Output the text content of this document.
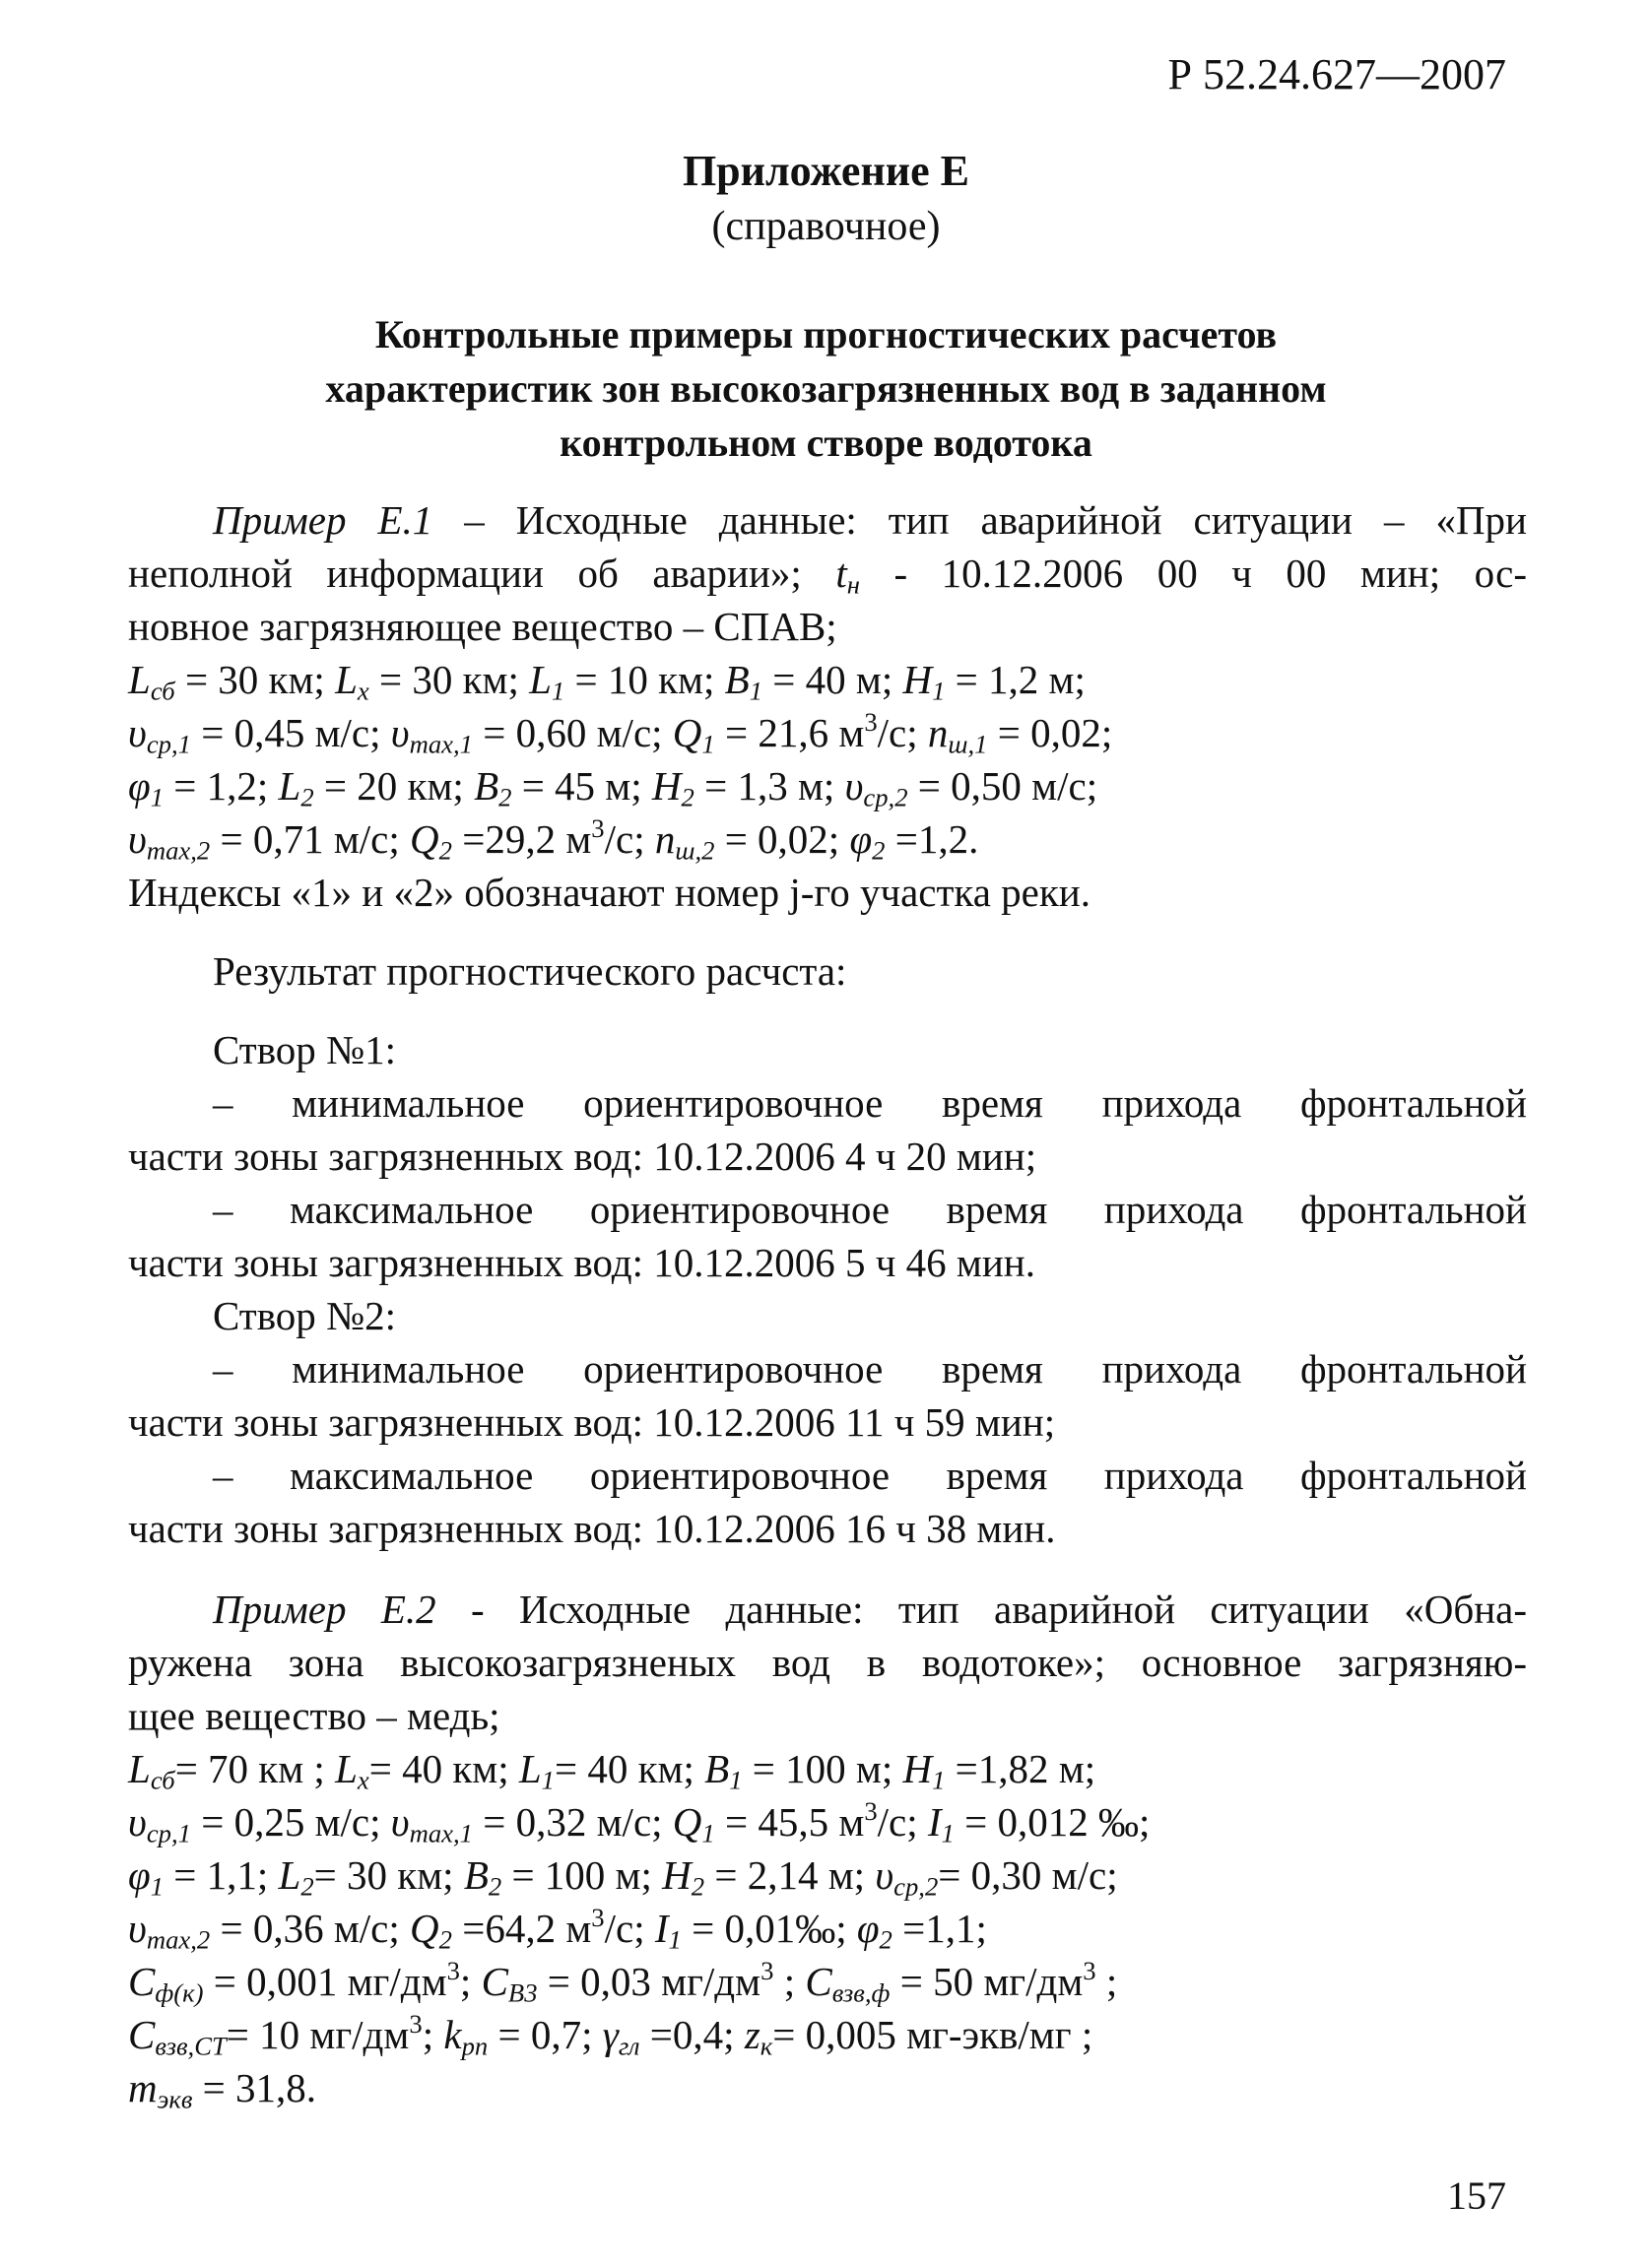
Р 52.24.627—2007
Приложение Е
(справочное)
Контрольные примеры прогностических расчетов
характеристик зон высокозагрязненных вод в заданном
контрольном створе водотока
Пример Е.1 – Исходные данные: тип аварийной ситуации – «При
неполной информации об аварии»; $t_н - 10.12.2006$ 00 ч 00 мин; ос-
новное загрязняющее вещество – СПАВ;
$L_{сб} = 30$ км; $L_x = 30$ км; $L_1 = 10$ км; $B_1 = 40$ м; $H_1 = 1,2$ м;
$\upsilon_{ср,1} = 0,45$ м/с; $\upsilon_{max,1} = 0,60$ м/с; $Q_1 = 21,6$ $м^3/с$; $n_{ш,1} = 0,02$;
$\varphi_1 = 1,2$; $L_2 = 20$ км; $B_2 = 45$ м; $H_2 = 1,3$ м; $\upsilon_{ср,2} = 0,50$ м/с;
$\upsilon_{max,2} = 0,71$ м/с; $Q_2 =29,2$ $м^3/с$; $n_{ш,2} = 0,02$; $\varphi_2 =1,2$.
Индексы «1» и «2» обозначают номер j-го участка реки.
Результат прогностического расчста:
Створ №1:
– минимальное ориентировочное время прихода фронтальной
части зоны загрязненных вод: 10.12.2006 4 ч 20 мин;
– максимальное ориентировочное время прихода фронтальной
части зоны загрязненных вод: 10.12.2006 5 ч 46 мин.
Створ №2:
– минимальное ориентировочное время прихода фронтальной
части зоны загрязненных вод: 10.12.2006 11 ч 59 мин;
– максимальное ориентировочное время прихода фронтальной
части зоны загрязненных вод: 10.12.2006 16 ч 38 мин.
Пример Е.2 - Исходные данные: тип аварийной ситуации «Обна-
ружена зона высокозагрязненых вод в водотоке»; основное загрязняю-
щее вещество – медь;
$L_{сб}= 70$ км ; $L_x= 40$ км; $L_1= 40$ км; $B_1 = 100$ м; $H_1 =1,82$ м;
$\upsilon_{ср,1} = 0,25$ м/с; $\upsilon_{max,1} = 0,32$ м/с; $Q_1 = 45,5$ $м^3/с$; $I_1 = 0,012$ ‰;
$\varphi_1 = 1,1$; $L_2= 30$ км; $B_2 = 100$ м; $H_2 = 2,14$ м; $\upsilon_{ср,2}= 0,30$ м/с;
$\upsilon_{max,2} = 0,36$ м/с; $Q_2 =64,2$ $м^3/с$; $I_1$ = 0,01‰; $\varphi_2 =1,1$;
$C_{ф(к)} = 0,001$ $мг/дм^3$; $C_{В3} = 0,03$ $мг/дм^3$ ; $C_{взв,ф} = 50$ $мг/дм^3$ ;
$C_{взв,СТ}= 10$ $мг/дм^3$; $k_{рп} = 0,7$; $\gamma_{гл} =0,4$; $z_к= 0,005$ мг-экв/мг ;
$m_{экв} = 31,8$.
157
